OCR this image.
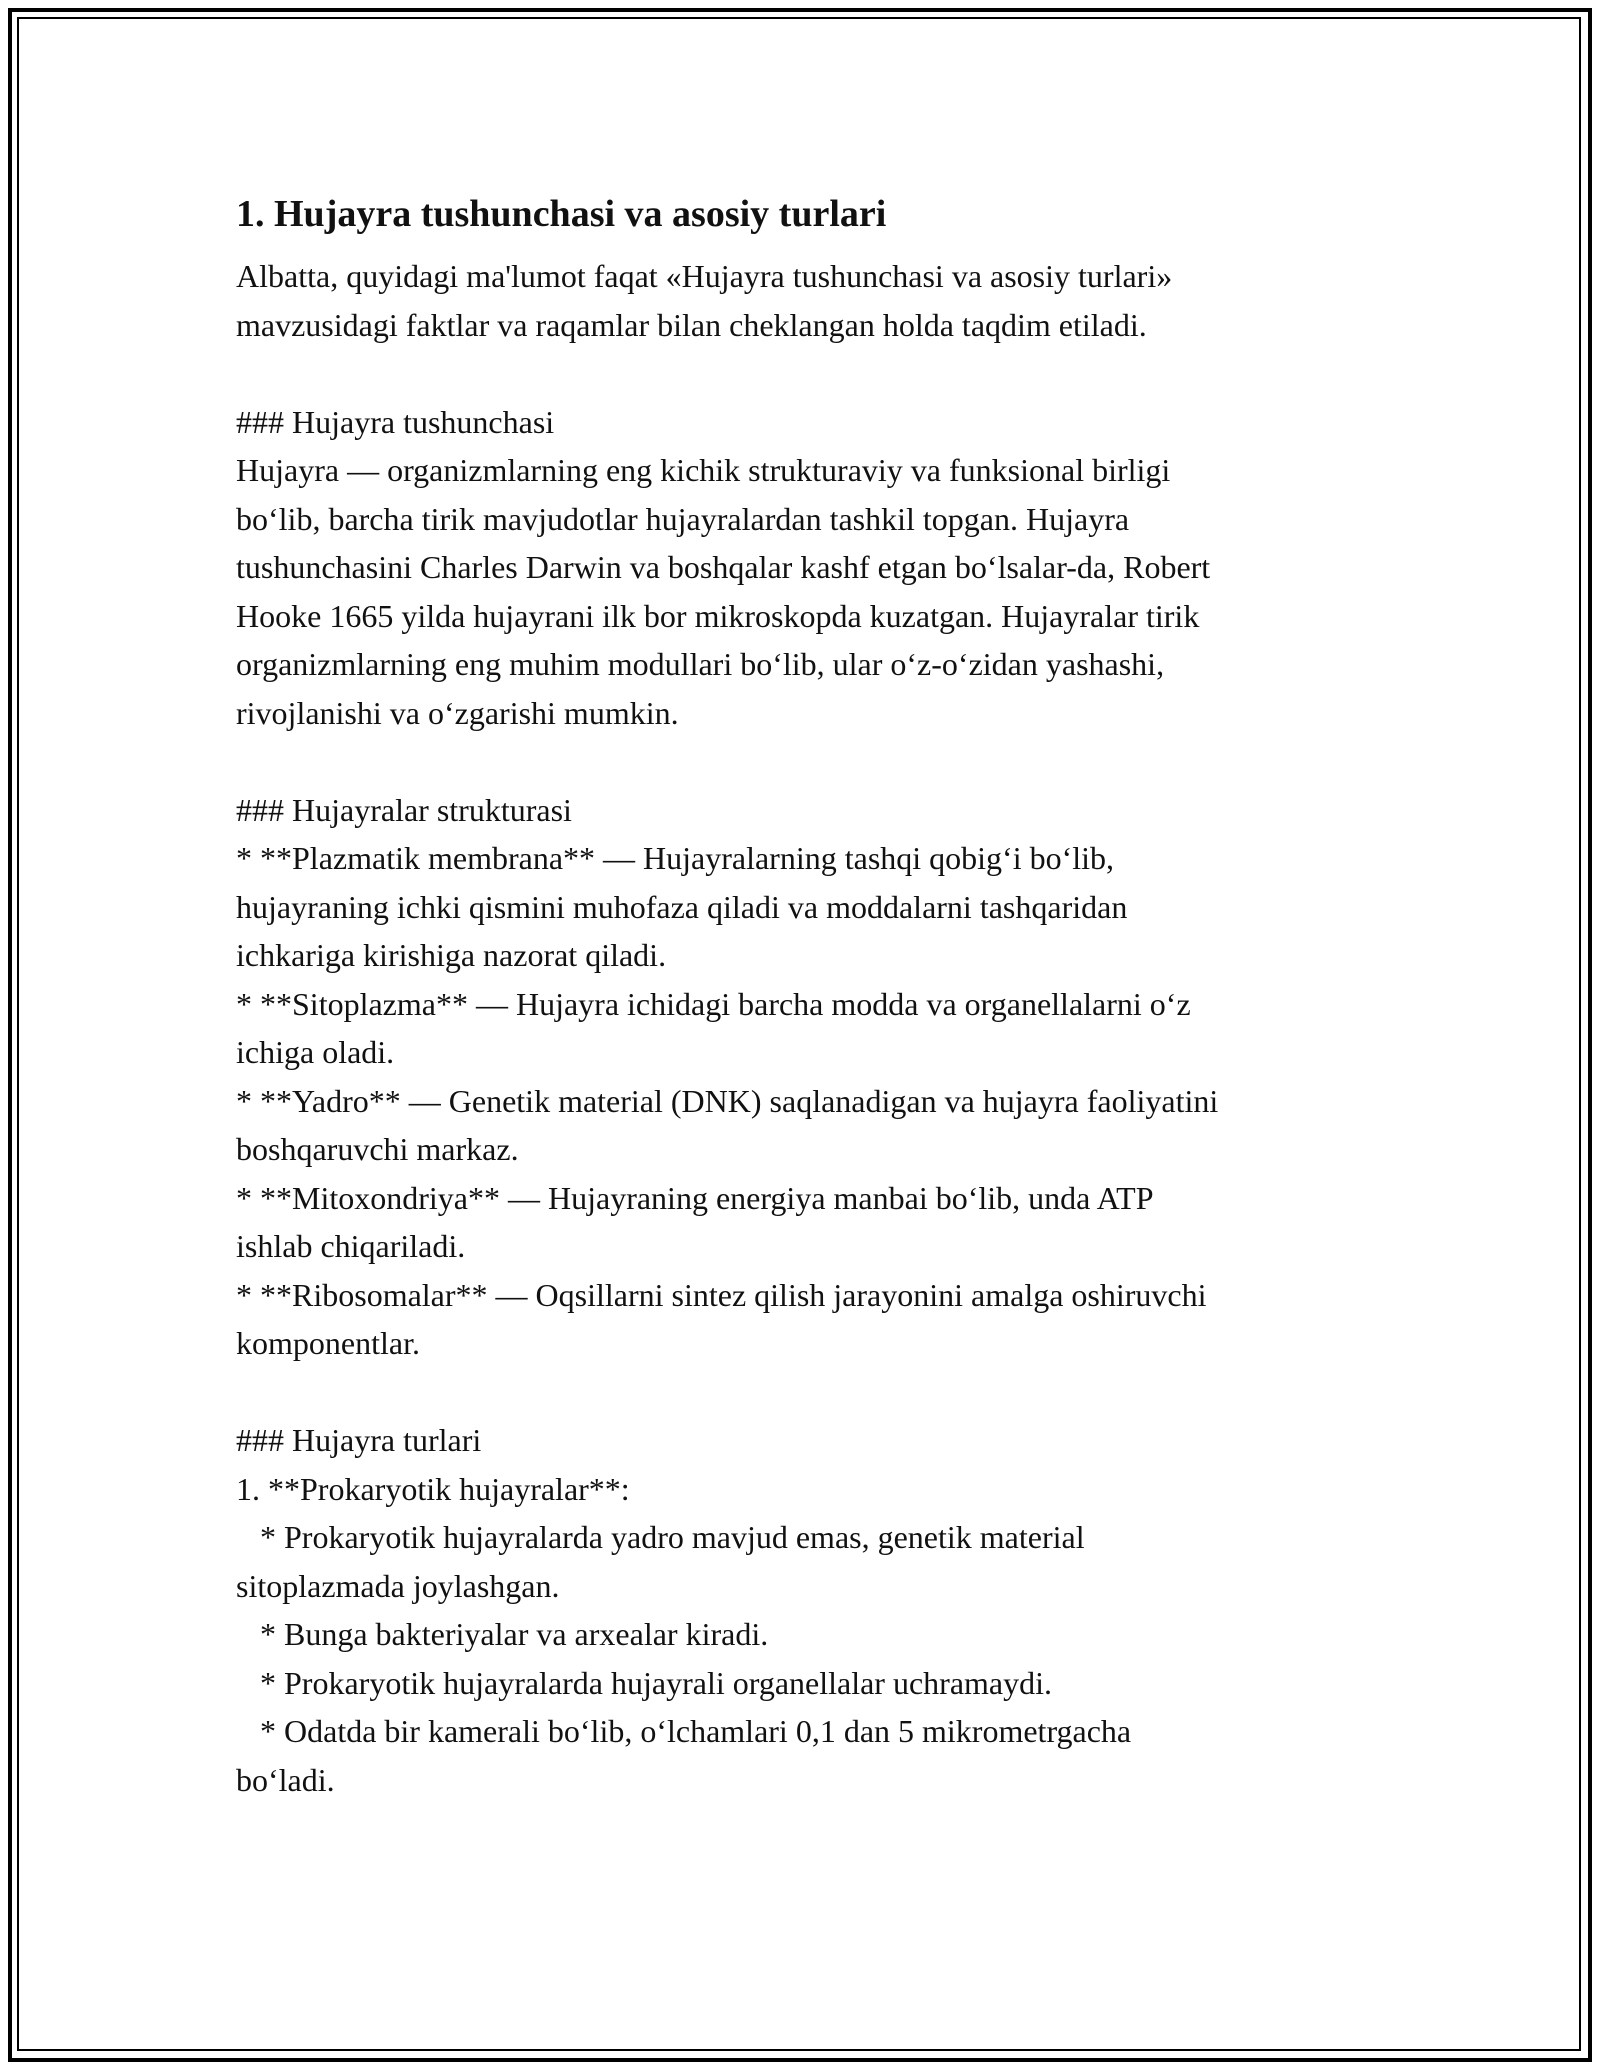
1. Hujayra tushunchasi va asosiy turlari
Albatta, quyidagi ma'lumot faqat «Hujayra tushunchasi va asosiy turlari»
mavzusidagi faktlar va raqamlar bilan cheklangan holda taqdim etiladi.
### Hujayra tushunchasi
Hujayra — organizmlarning eng kichik strukturaviy va funksional birligi
bo‘lib, barcha tirik mavjudotlar hujayralardan tashkil topgan. Hujayra
tushunchasini Charles Darwin va boshqalar kashf etgan bo‘lsalar-da, Robert
Hooke 1665 yilda hujayrani ilk bor mikroskopda kuzatgan. Hujayralar tirik
organizmlarning eng muhim modullari bo‘lib, ular o‘z-o‘zidan yashashi,
rivojlanishi va o‘zgarishi mumkin.
### Hujayralar strukturasi
* **Plazmatik membrana** — Hujayralarning tashqi qobig‘i bo‘lib,
hujayraning ichki qismini muhofaza qiladi va moddalarni tashqaridan
ichkariga kirishiga nazorat qiladi.
* **Sitoplazma** — Hujayra ichidagi barcha modda va organellalarni o‘z
ichiga oladi.
* **Yadro** — Genetik material (DNK) saqlanadigan va hujayra faoliyatini
boshqaruvchi markaz.
* **Mitoxondriya** — Hujayraning energiya manbai bo‘lib, unda ATP
ishlab chiqariladi.
* **Ribosomalar** — Oqsillarni sintez qilish jarayonini amalga oshiruvchi
komponentlar.
### Hujayra turlari
1. **Prokaryotik hujayralar**:
* Prokaryotik hujayralarda yadro mavjud emas, genetik material
sitoplazmada joylashgan.
* Bunga bakteriyalar va arxealar kiradi.
* Prokaryotik hujayralarda hujayrali organellalar uchramaydi.
* Odatda bir kamerali bo‘lib, o‘lchamlari 0,1 dan 5 mikrometrgacha
bo‘ladi.
